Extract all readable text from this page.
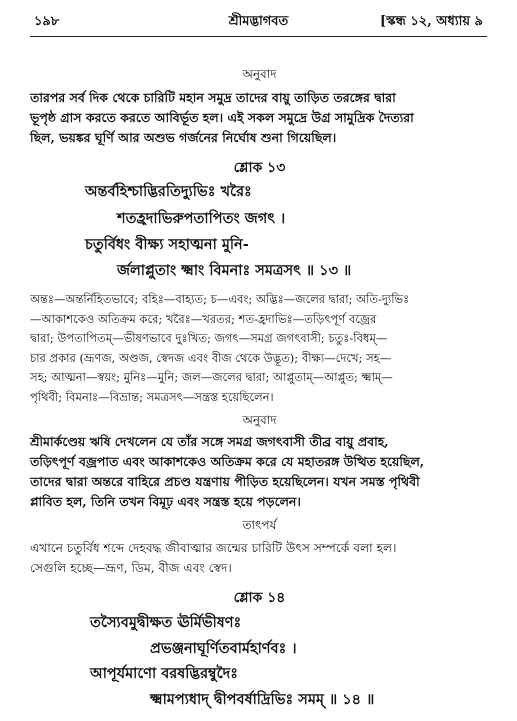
১৯৮	শ্রীমদ্ভাগবত	[স্কন্ধ ১২, অধ্যায় ৯
অনুবাদ
তারপর সর্ব দিক থেকে চারিটি মহান সমুদ্র তাদের বায়ু তাড়িত তরঙ্গের দ্বারা
ভূপৃষ্ঠ গ্রাস করতে করতে আবির্ভূত হল। এই সকল সমুদ্রে উগ্র সামুদ্রিক দৈত্যরা
ছিল, ভয়ঙ্কর ঘূর্ণি আর অশুভ গর্জনের নির্ঘোষ শুনা গিয়েছিল।
শ্লোক ১৩
অন্তর্বহিশ্চাদ্ভিরতিদ্যুভিঃ খরৈঃ
শতহ্রদাভিরুপতাপিতং জগৎ ।
চতুর্বিধং বীক্ষ্য সহাত্মনা মুনি-
র্জলাপ্লুতাং ক্ষ্মাং বিমনাঃ সমত্রসৎ ॥ ১৩ ॥
অন্তঃ—অন্তর্নিহিতভাবে; বহিঃ—বাহ্যত; চ—এবং; অদ্ভিঃ—জলের দ্বারা; অতি-দ্যুভিঃ
—আকাশকেও অতিক্রম করে; খরৈঃ—খরতর; শত-হ্রদাভিঃ—তড়িৎপূর্ণ বজ্রের
দ্বারা; উপতাপিতম্—ভীষণভাবে দুঃখিত; জগৎ—সমগ্র জগৎবাসী; চতুঃ-বিধম্—
চার প্রকার (ভ্রূণজ, অণ্ডজ, স্বেদজ এবং বীজ থেকে উদ্ভূত); বীক্ষ্য—দেখে; সহ—
সহ; আত্মনা—স্বয়ং; মুনিঃ—মুনি; জল—জলের দ্বারা; আপ্লুতাম্—আপ্লুত; ক্ষ্মাম্—
পৃথিবী; বিমনাঃ—বিভ্রান্ত; সমত্রসৎ—সন্ত্রস্ত হয়েছিলেন।
অনুবাদ
শ্রীমার্কণ্ডেয় ঋষি দেখলেন যে তাঁর সঙ্গে সমগ্র জগৎবাসী তীব্র বায়ু প্রবাহ,
তড়িৎপূর্ণ বজ্রপাত এবং আকাশকেও অতিক্রম করে যে মহাতরঙ্গ উত্থিত হয়েছিল,
তাদের দ্বারা অন্তরে বাহিরে প্রচণ্ড যন্ত্রণায় পীড়িত হয়েছিলেন। যখন সমস্ত পৃথিবী
প্লাবিত হল, তিনি তখন বিমূঢ় এবং সন্ত্রস্ত হয়ে পড়লেন।
তাৎপর্য
এখানে চতুর্বিধ শব্দে দেহবদ্ধ জীবাত্মার জন্মের চারিটি উৎস সম্পর্কে বলা হল।
সেগুলি হচ্ছে—ভ্রূণ, ডিম, বীজ এবং স্বেদ।
শ্লোক ১৪
তস্যৈবমুদ্বীক্ষত ঊর্মিভীষণঃ
প্রভঞ্জনাঘূর্ণিতবার্মহার্ণবঃ ।
আপূর্যমাণো বরষদ্ভিরম্বুদৈঃ
ক্ষ্মামপ্যধাদ্ দ্বীপবর্ষাদ্রিভিঃ সমম্ ॥ ১৪ ॥
